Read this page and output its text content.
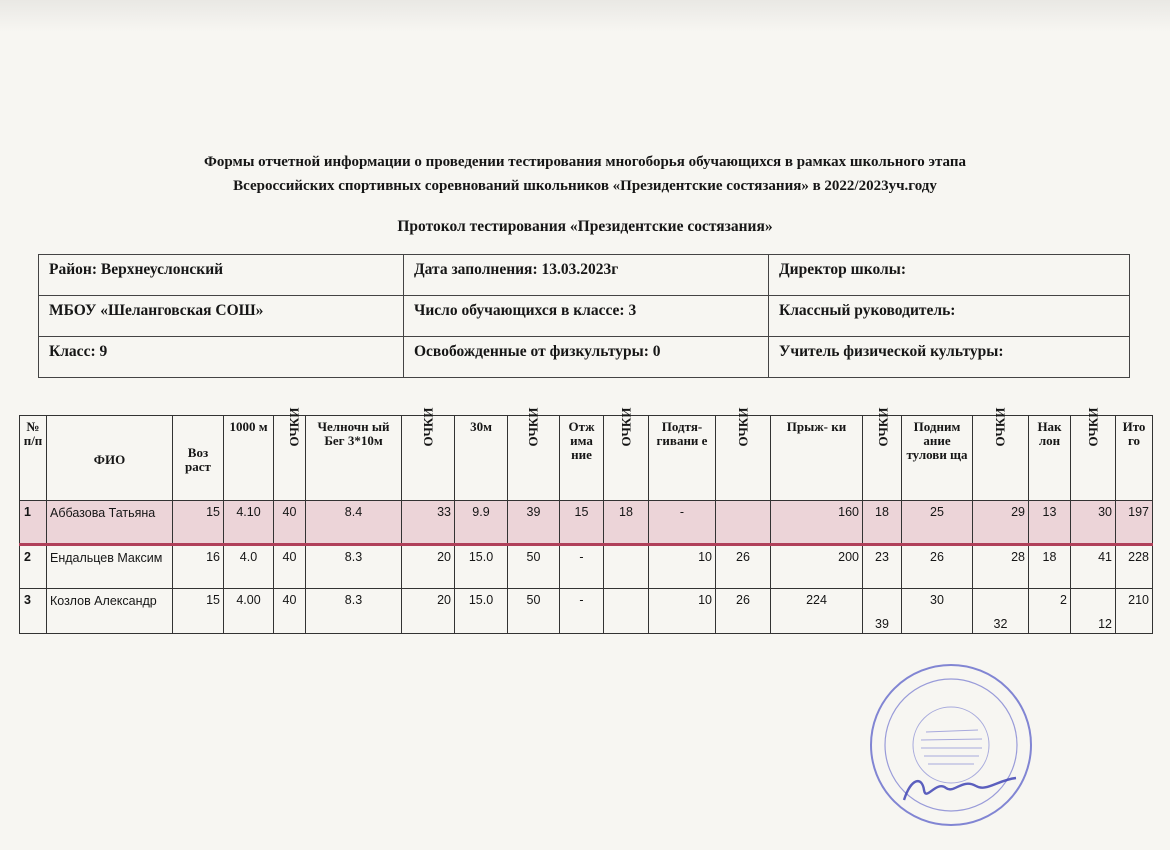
Формы отчетной информации о проведении тестирования многоборья обучающихся в рамках школьного этапа
Всероссийских спортивных соревнований школьников «Президентские состязания» в 2022/2023уч.году
Протокол тестирования «Президентские состязания»
Район: Верхнеуслонский	Дата заполнения: 13.03.2023г	Директор школы:
МБОУ «Шеланговская СОШ»	Число обучающихся в классе: 3	Классный руководитель:
Класс: 9	Освобожденные от физкультуры: 0	Учитель физической культуры:
№ п/п	ФИО	Воз раст	1000 м	ОЧКИ	Челночн ый Бег 3*10м	ОЧКИ	30м	ОЧКИ	Отж има ние	ОЧКИ	Подтя- гивани е	ОЧКИ	Прыж- ки	ОЧКИ	Подним ание тулови ща	ОЧКИ	Нак лон	ОЧКИ	Ито го
1	Аббазова Татьяна	15	4.10	40	8.4	33	9.9	39	15	18	-		160	18	25	29	13	30	197
2	Ендальцев Максим	16	4.0	40	8.3	20	15.0	50	-		10	26	200	23	26	28	18	41	228
3	Козлов Александр	15	4.00	40	8.3	20	15.0	50	-		10	26	224	39	30	32	2	12	210
